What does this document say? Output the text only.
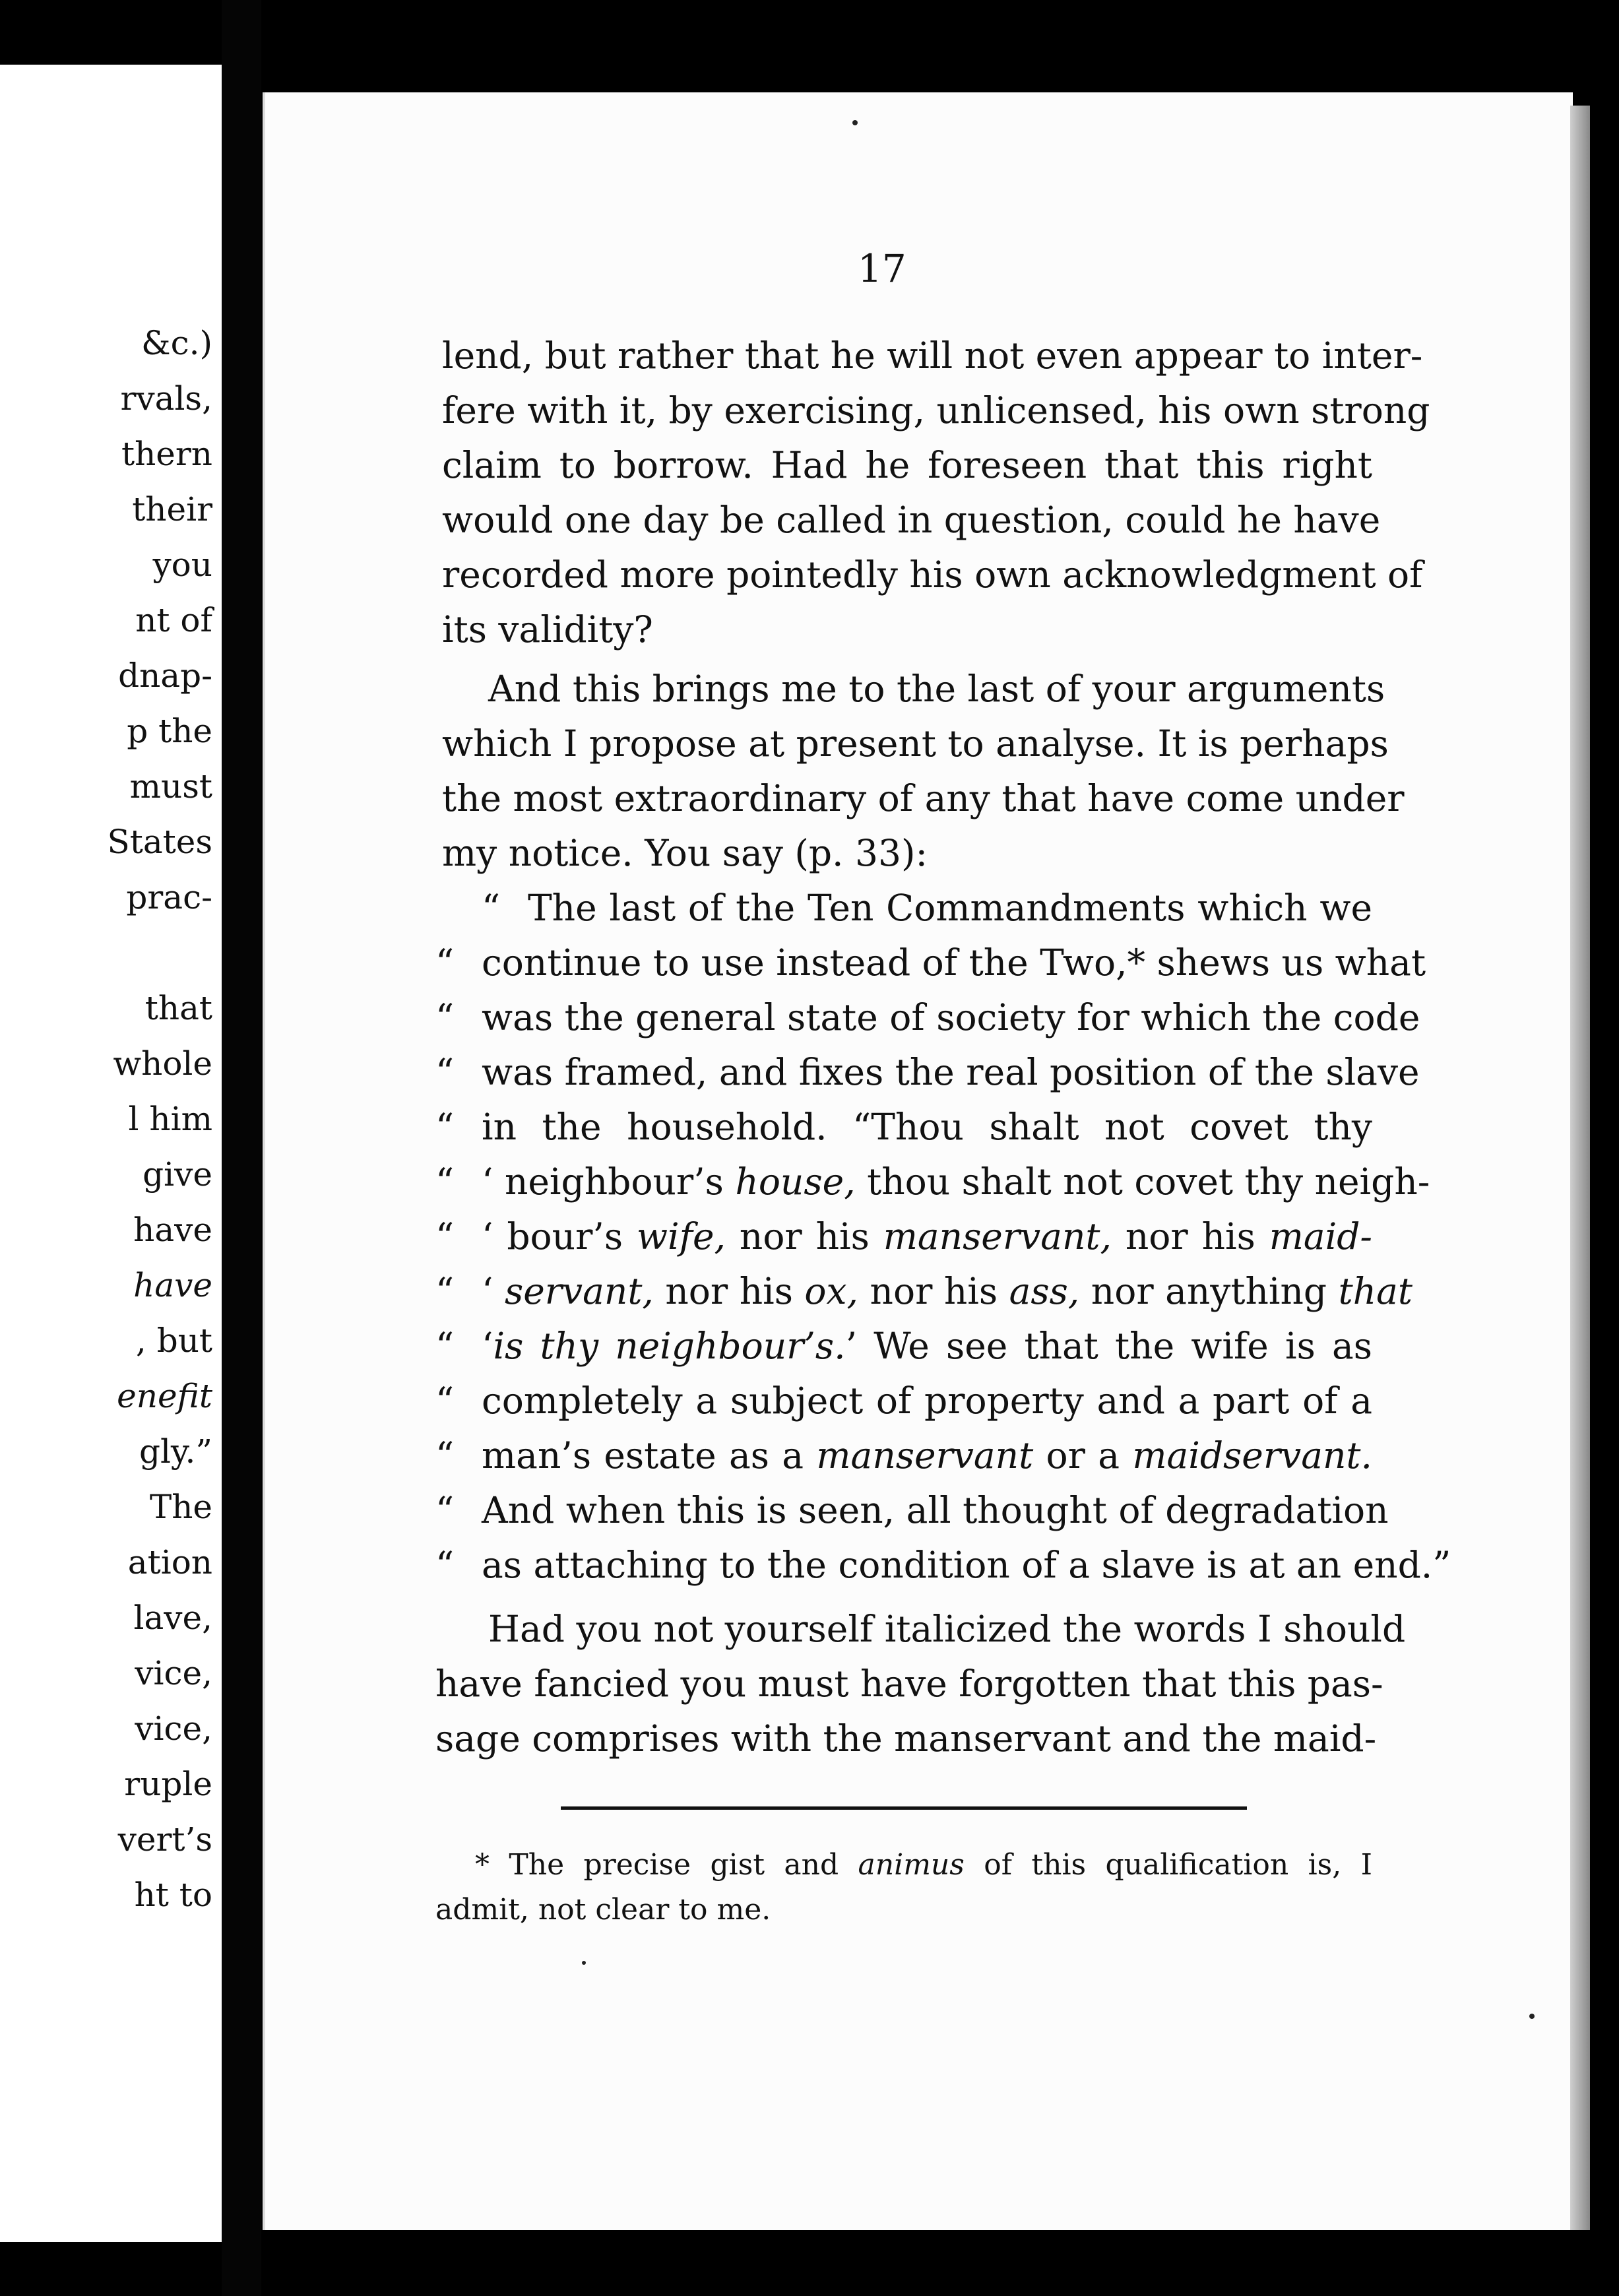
&c.)
rvals,
thern
their
you
nt of
dnap-
p the
must
States
prac-
that
whole
l him
give
have
have
, but
enefit
gly.”
The
ation
lave,
vice,
vice,
ruple
vert’s
ht to
17
lend, but rather that he will not even appear to inter-
fere with it, by exercising, unlicensed, his own strong
claim to borrow. Had he foreseen that this right
would one day be called in question, could he have
recorded more pointedly his own acknowledgment of
its validity?
And this brings me to the last of your arguments
which I propose at present to analyse. It is perhaps
the most extraordinary of any that have come under
my notice. You say (p. 33):
“ The last of the Ten Commandments which we
“ continue to use instead of the Two,* shews us what
“ was the general state of society for which the code
“ was framed, and fixes the real position of the slave
“ in the household. “Thou shalt not covet thy
“ ‘ neighbour’s house, thou shalt not covet thy neigh-
“ ‘ bour’s wife, nor his manservant, nor his maid-
“ ‘ servant, nor his ox, nor his ass, nor anything that
“ ‘is thy neighbour’s.’ We see that the wife is as
“ completely a subject of property and a part of a
“ man’s estate as a manservant or a maidservant.
“ And when this is seen, all thought of degradation
“ as attaching to the condition of a slave is at an end.”
Had you not yourself italicized the words I should
have fancied you must have forgotten that this pas-
sage comprises with the manservant and the maid-
* The precise gist and animus of this qualification is, I
admit, not clear to me.
